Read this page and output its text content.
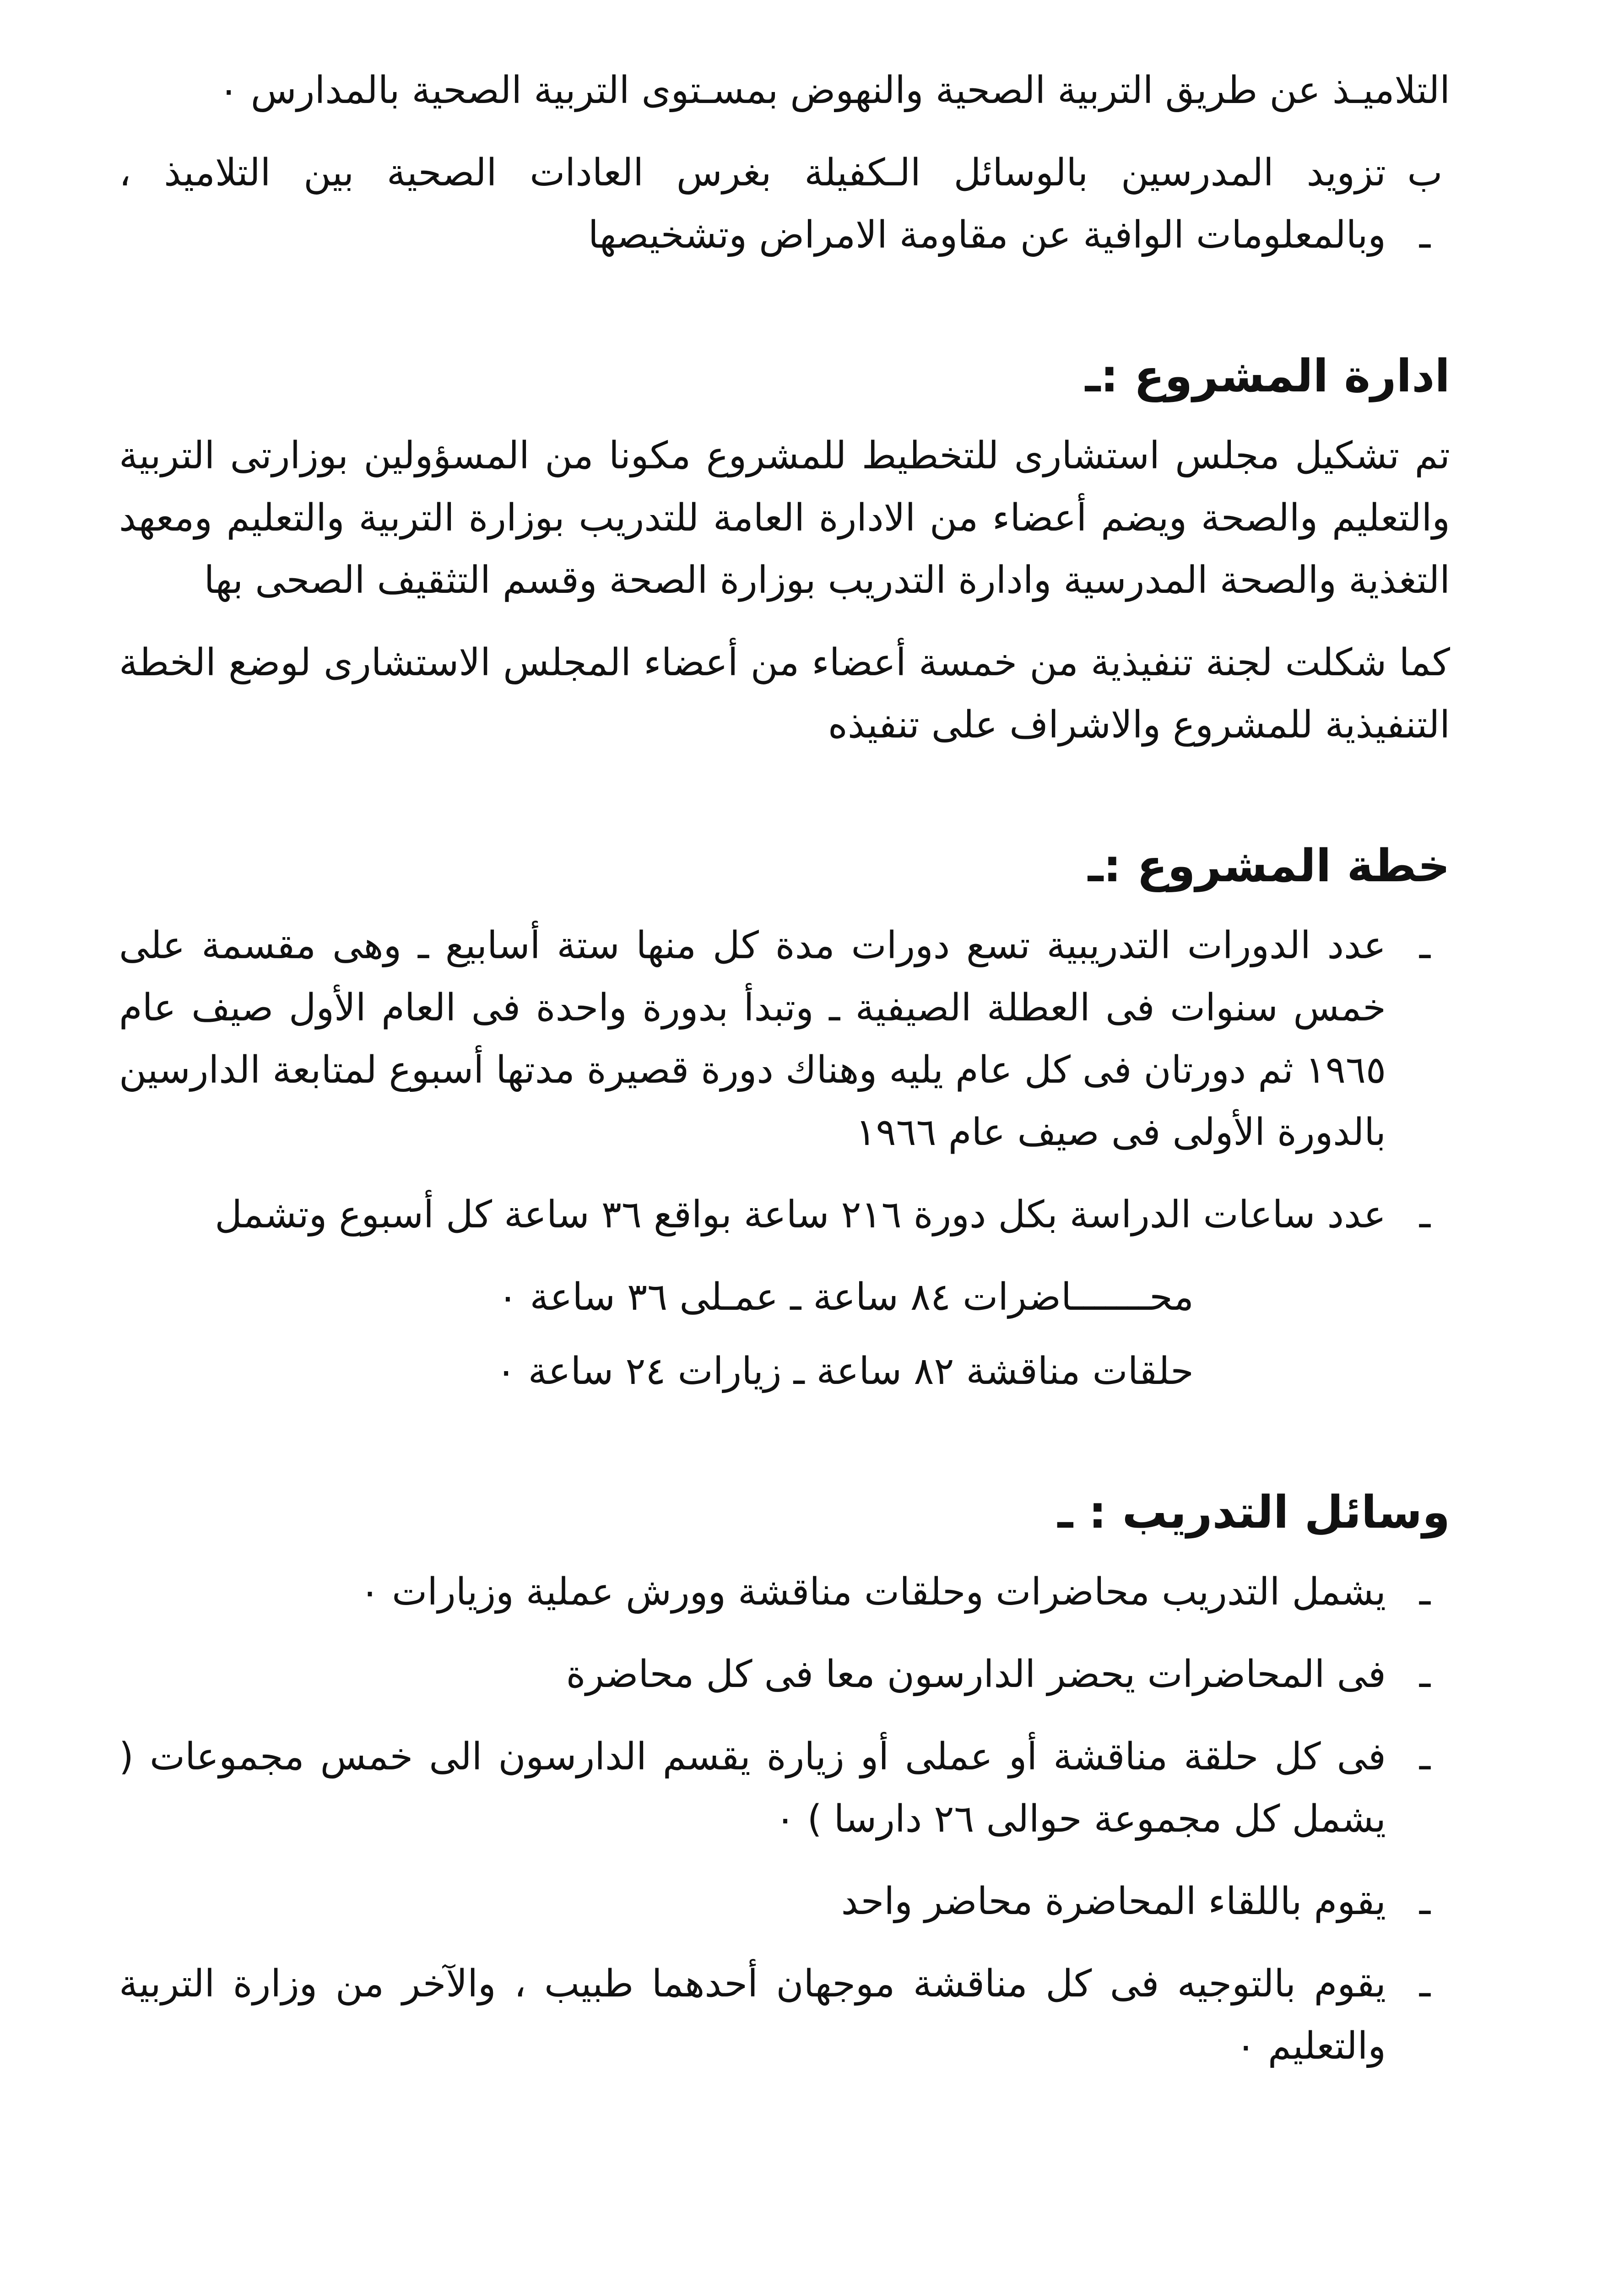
التلاميـذ عن طريق التربية الصحية والنهوض بمسـتوى التربية الصحية بالمدارس ٠

ب ـ
تزويد المدرسين بالوسائل الـكفيلة بغرس العادات الصحية بين التلاميذ ، وبالمعلومات الوافية عن مقاومة الامراض وتشخيصها
ادارة المشروع :ـ

تم تشكيل مجلس استشارى للتخطيط للمشروع مكونا من المسؤولين بوزارتى التربية والتعليم والصحة ويضم أعضاء من الادارة العامة للتدريب بوزارة التربية والتعليم ومعهد التغذية والصحة المدرسية وادارة التدريب بوزارة الصحة وقسم التثقيف الصحى بها

كما شكلت لجنة تنفيذية من خمسة أعضاء من أعضاء المجلس الاستشارى لوضع الخطة التنفيذية للمشروع والاشراف على تنفيذه

خطة المشروع :ـ
ـ
عدد الدورات التدريبية تسع دورات مدة كل منها ستة أسابيع ـ وهى مقسمة على خمس سنوات فى العطلة الصيفية ـ وتبدأ بدورة واحدة فى العام الأول صيف عام ١٩٦٥ ثم دورتان فى كل عام يليه وهناك دورة قصيرة مدتها أسبوع لمتابعة الدارسين بالدورة الأولى فى صيف عام ١٩٦٦
ـ
عدد ساعات الدراسة بكل دورة ٢١٦ ساعة بواقع ٣٦ ساعة كل أسبوع وتشمل

محـــــــاضرات ٨٤ ساعة ـ عمـلى ٣٦ ساعة ٠

حلقات مناقشة ٨٢ ساعة ـ زيارات ٢٤ ساعة ٠

وسائل التدريب : ـ
ـ
يشمل التدريب محاضرات وحلقات مناقشة وورش عملية وزيارات ٠
ـ
فى المحاضرات يحضر الدارسون معا فى كل محاضرة
ـ
فى كل حلقة مناقشة أو عملى أو زيارة يقسم الدارسون الى خمس مجموعات ( يشمل كل مجموعة حوالى ٢٦ دارسا ) ٠
ـ
يقوم باللقاء المحاضرة محاضر واحد
ـ
يقوم بالتوجيه فى كل مناقشة موجهان أحدهما طبيب ، والآخر من وزارة التربية والتعليم ٠
